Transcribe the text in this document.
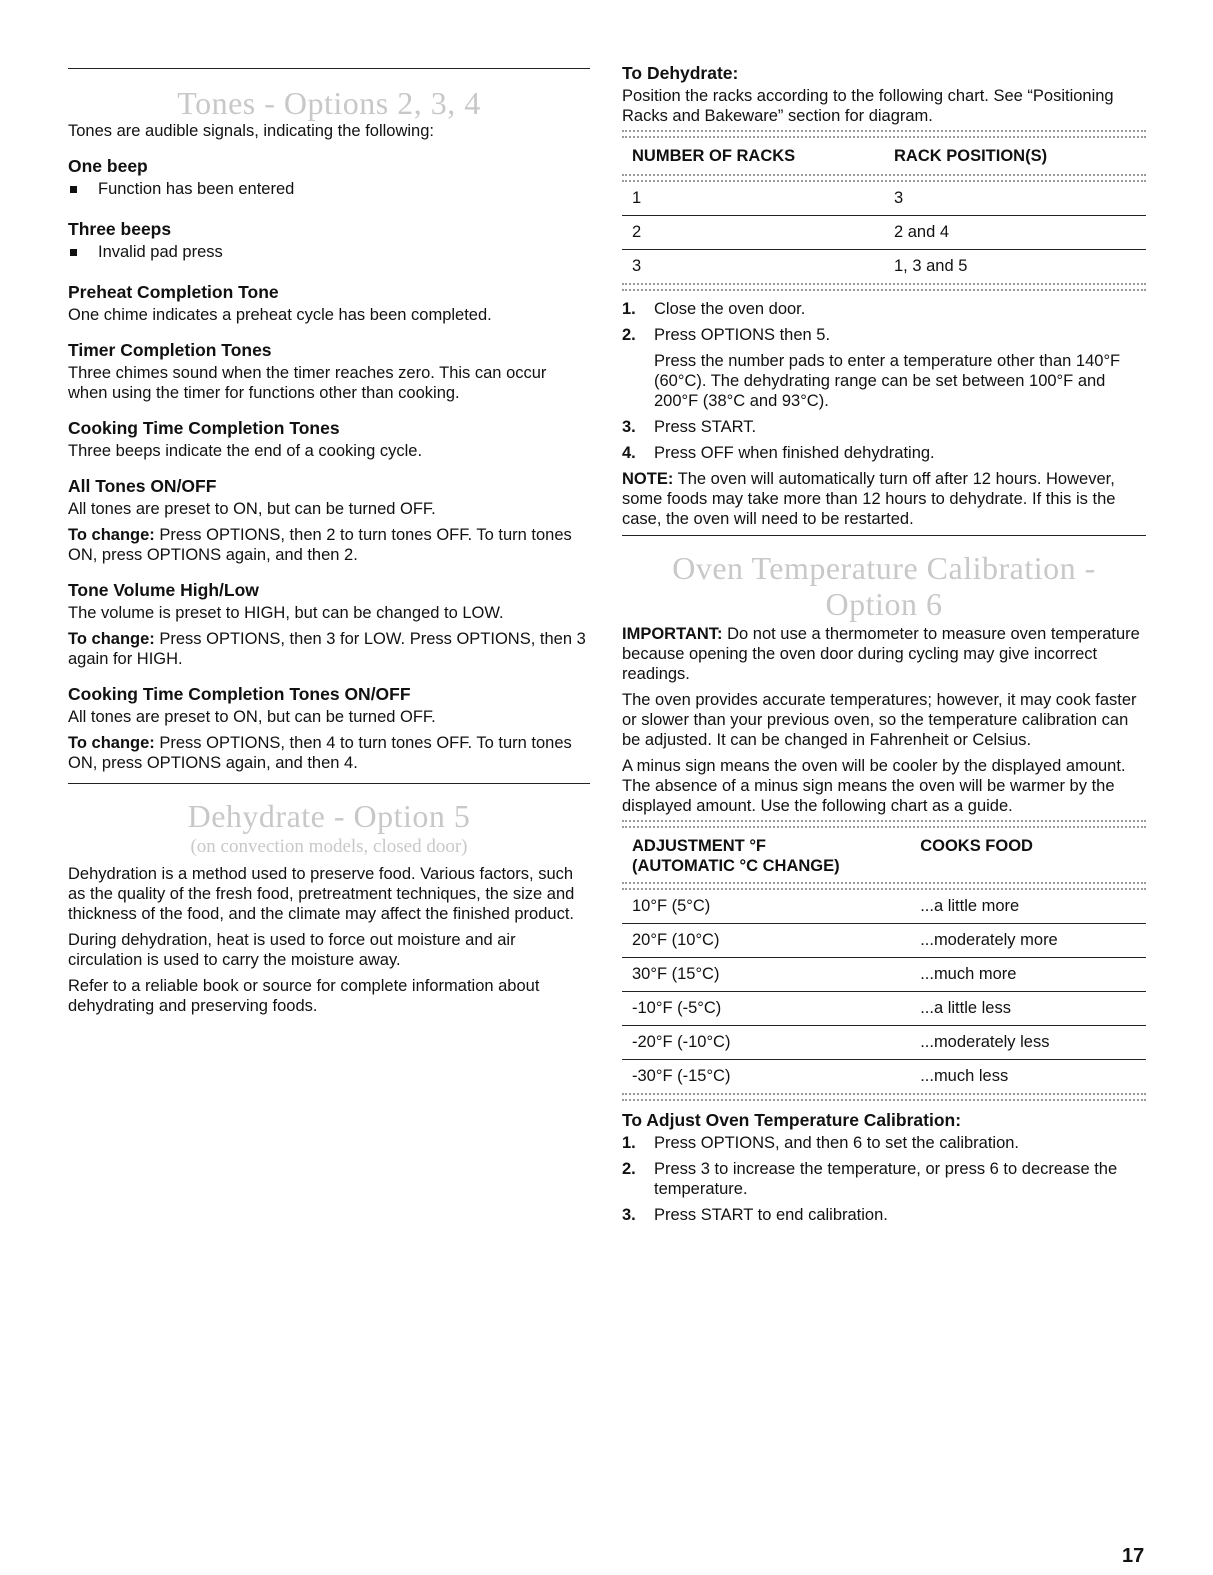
Tones - Options 2, 3, 4

Tones are audible signals, indicating the following:

One beep

Function has been entered

Three beeps

Invalid pad press

Preheat Completion Tone

One chime indicates a preheat cycle has been completed.

Timer Completion Tones

Three chimes sound when the timer reaches zero. This can occur when using the timer for functions other than cooking.

Cooking Time Completion Tones

Three beeps indicate the end of a cooking cycle.

All Tones ON/OFF

All tones are preset to ON, but can be turned OFF.

To change: Press OPTIONS, then 2 to turn tones OFF. To turn tones ON, press OPTIONS again, and then 2.

Tone Volume High/Low

The volume is preset to HIGH, but can be changed to LOW.

To change: Press OPTIONS, then 3 for LOW. Press OPTIONS, then 3 again for HIGH.

Cooking Time Completion Tones ON/OFF

All tones are preset to ON, but can be turned OFF.

To change: Press OPTIONS, then 4 to turn tones OFF. To turn tones ON, press OPTIONS again, and then 4.

Dehydrate - Option 5
(on convection models, closed door)

Dehydration is a method used to preserve food. Various factors, such as the quality of the fresh food, pretreatment techniques, the size and thickness of the food, and the climate may affect the finished product.

During dehydration, heat is used to force out moisture and air circulation is used to carry the moisture away.

Refer to a reliable book or source for complete information about dehydrating and preserving foods.

To Dehydrate:

Position the racks according to the following chart. See “Positioning Racks and Bakeware” section for diagram.

NUMBER OF RACKS	RACK POSITION(S)
1	3
2	2 and 4
3	1, 3 and 5
1. Close the oven door.
2. Press OPTIONS then 5.
Press the number pads to enter a temperature other than 140°F (60°C). The dehydrating range can be set between 100°F and 200°F (38°C and 93°C).
3. Press START.
4. Press OFF when finished dehydrating.

NOTE: The oven will automatically turn off after 12 hours. However, some foods may take more than 12 hours to dehydrate. If this is the case, the oven will need to be restarted.

Oven Temperature Calibration -
Option 6

IMPORTANT: Do not use a thermometer to measure oven temperature because opening the oven door during cycling may give incorrect readings.

The oven provides accurate temperatures; however, it may cook faster or slower than your previous oven, so the temperature calibration can be adjusted. It can be changed in Fahrenheit or Celsius.

A minus sign means the oven will be cooler by the displayed amount. The absence of a minus sign means the oven will be warmer by the displayed amount. Use the following chart as a guide.

ADJUSTMENT °F
(AUTOMATIC °C CHANGE)	COOKS FOOD
10°F (5°C)	...a little more
20°F (10°C)	...moderately more
30°F (15°C)	...much more
-10°F (-5°C)	...a little less
-20°F (-10°C)	...moderately less
-30°F (-15°C)	...much less
To Adjust Oven Temperature Calibration:
1. Press OPTIONS, and then 6 to set the calibration.
2. Press 3 to increase the temperature, or press 6 to decrease the temperature.
3. Press START to end calibration.
17
